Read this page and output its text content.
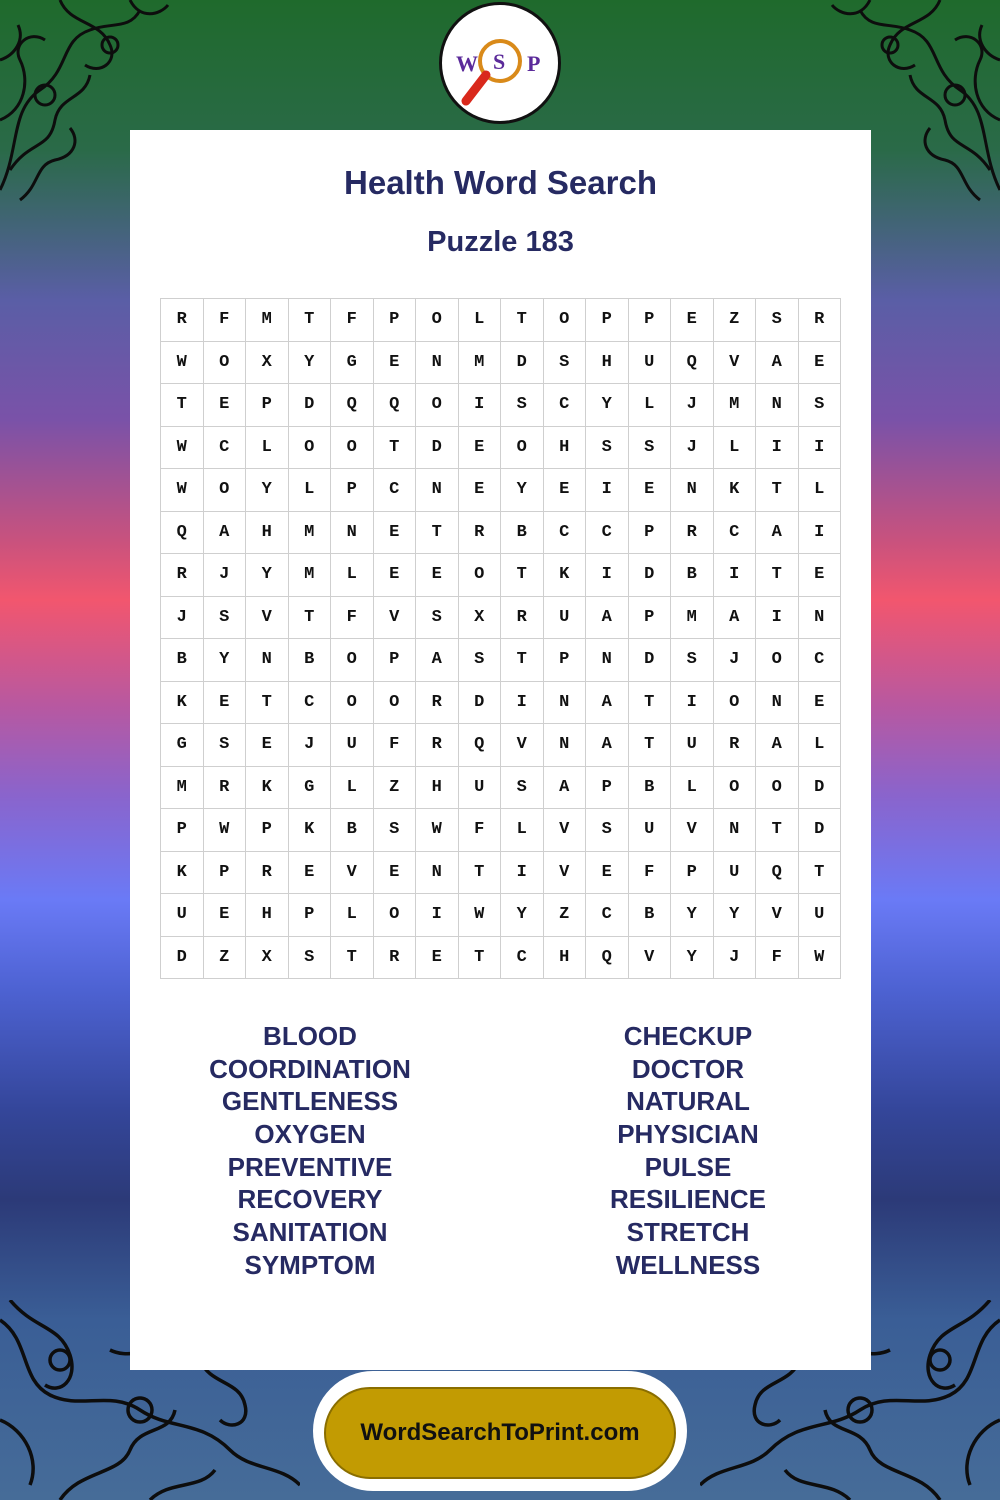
W S P
Health Word Search
Puzzle 183
R	F	M	T	F	P	O	L	T	O	P	P	E	Z	S	R
W	O	X	Y	G	E	N	M	D	S	H	U	Q	V	A	E
T	E	P	D	Q	Q	O	I	S	C	Y	L	J	M	N	S
W	C	L	O	O	T	D	E	O	H	S	S	J	L	I	I
W	O	Y	L	P	C	N	E	Y	E	I	E	N	K	T	L
Q	A	H	M	N	E	T	R	B	C	C	P	R	C	A	I
R	J	Y	M	L	E	E	O	T	K	I	D	B	I	T	E
J	S	V	T	F	V	S	X	R	U	A	P	M	A	I	N
B	Y	N	B	O	P	A	S	T	P	N	D	S	J	O	C
K	E	T	C	O	O	R	D	I	N	A	T	I	O	N	E
G	S	E	J	U	F	R	Q	V	N	A	T	U	R	A	L
M	R	K	G	L	Z	H	U	S	A	P	B	L	O	O	D
P	W	P	K	B	S	W	F	L	V	S	U	V	N	T	D
K	P	R	E	V	E	N	T	I	V	E	F	P	U	Q	T
U	E	H	P	L	O	I	W	Y	Z	C	B	Y	Y	V	U
D	Z	X	S	T	R	E	T	C	H	Q	V	Y	J	F	W
BLOOD
COORDINATION
GENTLENESS
OXYGEN
PREVENTIVE
RECOVERY
SANITATION
SYMPTOM
CHECKUP
DOCTOR
NATURAL
PHYSICIAN
PULSE
RESILIENCE
STRETCH
WELLNESS
WordSearchToPrint.com
